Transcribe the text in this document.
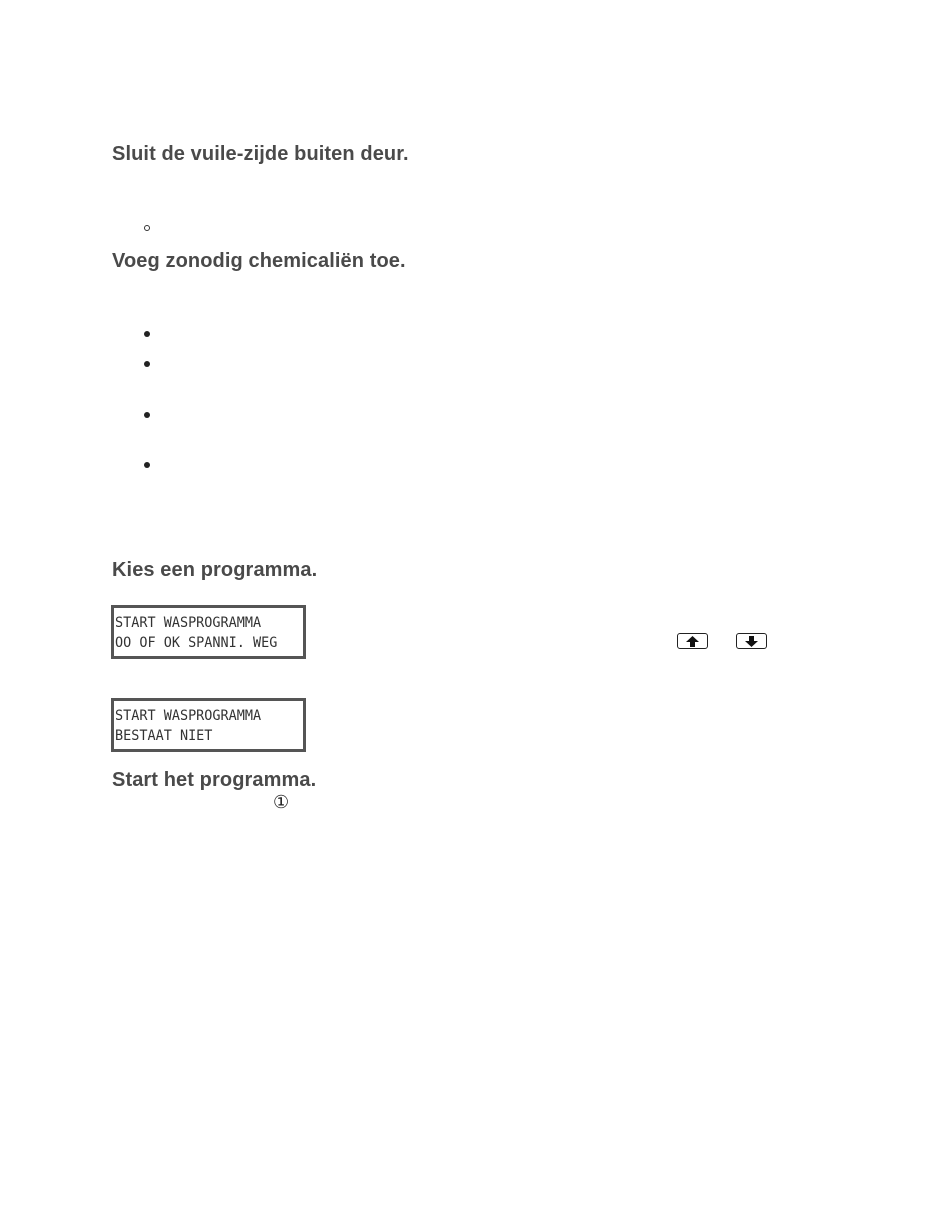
Sluit de vuile-zijde buiten deur.
Voeg zonodig chemicaliën toe.
Kies een programma.
START WASPROGRAMMA
OO OF OK SPANNI. WEG
START WASPROGRAMMA
BESTAAT NIET
Start het programma.
①
